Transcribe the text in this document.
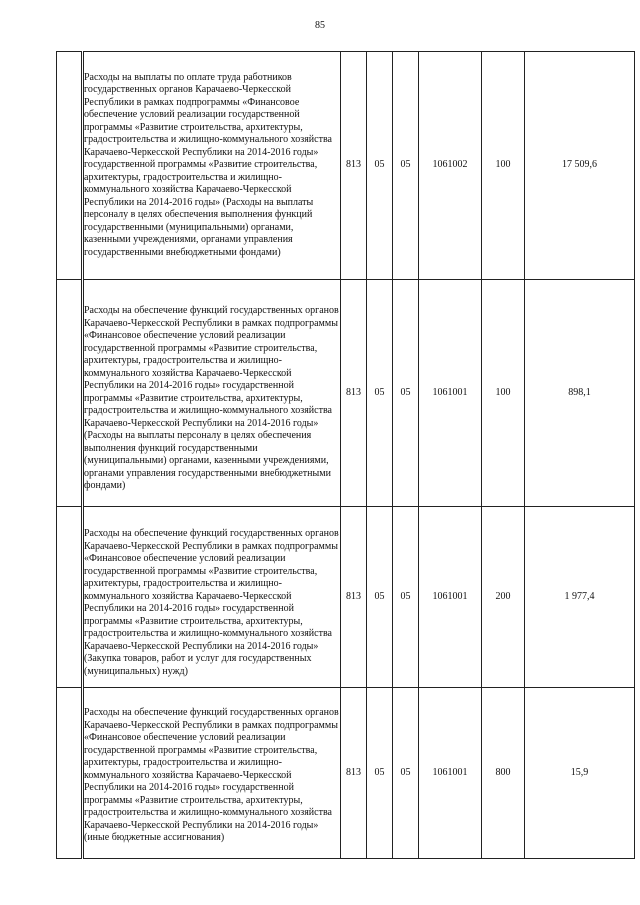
85
	Расходы на выплаты по оплате труда работников государственных органов Карачаево-Черкесской Республики в рамках подпрограммы «Финансовое обеспечение условий реализации государственной программы «Развитие строительства, архитектуры, градостроительства и жилищно-коммунального хозяйства Карачаево-Черкесской Республики на 2014-2016 годы» государственной программы «Развитие строительства, архитектуры, градостроительства и жилищно-коммунального хозяйства Карачаево-Черкесской Республики на 2014-2016 годы» (Расходы на выплаты персоналу в целях обеспечения выполнения функций государственными (муниципальными) органами, казенными учреждениями, органами управления государственными внебюджетными фондами)	813	05	05	1061002	100	17 509,6
	Расходы на обеспечение функций государственных органов Карачаево-Черкесской Республики в рамках подпрограммы «Финансовое обеспечение условий реализации государственной программы «Развитие строительства, архитектуры, градостроительства и жилищно-коммунального хозяйства Карачаево-Черкесской Республики на 2014-2016 годы» государственной программы «Развитие строительства, архитектуры, градостроительства и жилищно-коммунального хозяйства Карачаево-Черкесской Республики на 2014-2016 годы» (Расходы на выплаты персоналу в целях обеспечения выполнения функций государственными (муниципальными) органами, казенными учреждениями, органами управления государственными внебюджетными фондами)	813	05	05	1061001	100	898,1
	Расходы на обеспечение функций государственных органов Карачаево-Черкесской Республики в рамках подпрограммы «Финансовое обеспечение условий реализации государственной программы «Развитие строительства, архитектуры, градостроительства и жилищно-коммунального хозяйства Карачаево-Черкесской Республики на 2014-2016 годы» государственной программы «Развитие строительства, архитектуры, градостроительства и жилищно-коммунального хозяйства Карачаево-Черкесской Республики на 2014-2016 годы» (Закупка товаров, работ и услуг для государственных (муниципальных) нужд)	813	05	05	1061001	200	1 977,4
	Расходы на обеспечение функций государственных органов Карачаево-Черкесской Республики в рамках подпрограммы «Финансовое обеспечение условий реализации государственной программы «Развитие строительства, архитектуры, градостроительства и жилищно-коммунального хозяйства Карачаево-Черкесской Республики на 2014-2016 годы» государственной программы «Развитие строительства, архитектуры, градостроительства и жилищно-коммунального хозяйства Карачаево-Черкесской Республики на 2014-2016 годы» (иные бюджетные ассигнования)	813	05	05	1061001	800	15,9
